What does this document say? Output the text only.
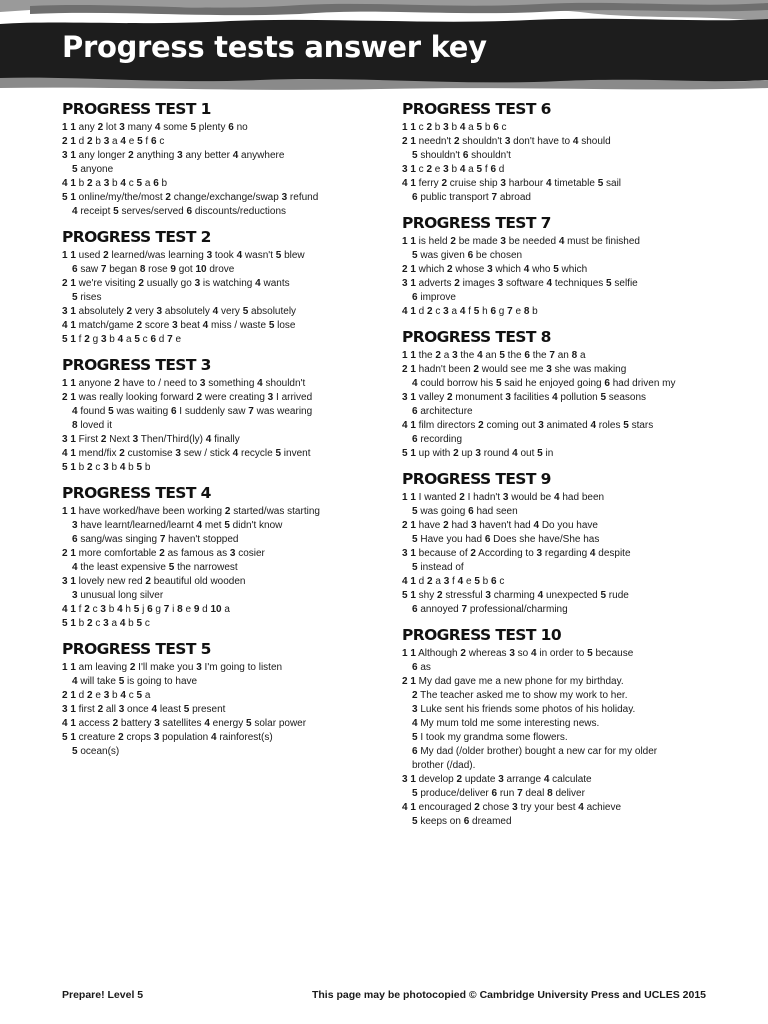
Progress tests answer key
PROGRESS TEST 1
1 1 any 2 lot 3 many 4 some 5 plenty 6 no
2 1 d 2 b 3 a 4 e 5 f 6 c
3 1 any longer 2 anything 3 any better 4 anywhere
5 anyone
4 1 b 2 a 3 b 4 c 5 a 6 b
5 1 online/my/the/most 2 change/exchange/swap 3 refund
4 receipt 5 serves/served 6 discounts/reductions
PROGRESS TEST 2
1 1 used 2 learned/was learning 3 took 4 wasn't 5 blew
6 saw 7 began 8 rose 9 got 10 drove
2 1 we're visiting 2 usually go 3 is watching 4 wants
5 rises
3 1 absolutely 2 very 3 absolutely 4 very 5 absolutely
4 1 match/game 2 score 3 beat 4 miss / waste 5 lose
5 1 f 2 g 3 b 4 a 5 c 6 d 7 e
PROGRESS TEST 3
1 1 anyone 2 have to / need to 3 something 4 shouldn't
2 1 was really looking forward 2 were creating 3 I arrived
4 found 5 was waiting 6 I suddenly saw 7 was wearing
8 loved it
3 1 First 2 Next 3 Then/Third(ly) 4 finally
4 1 mend/fix 2 customise 3 sew / stick 4 recycle 5 invent
5 1 b 2 c 3 b 4 b 5 b
PROGRESS TEST 4
1 1 have worked/have been working 2 started/was starting
3 have learnt/learned/learnt 4 met 5 didn't know
6 sang/was singing 7 haven't stopped
2 1 more comfortable 2 as famous as 3 cosier
4 the least expensive 5 the narrowest
3 1 lovely new red 2 beautiful old wooden
3 unusual long silver
4 1 f 2 c 3 b 4 h 5 j 6 g 7 i 8 e 9 d 10 a
5 1 b 2 c 3 a 4 b 5 c
PROGRESS TEST 5
1 1 am leaving 2 I'll make you 3 I'm going to listen
4 will take 5 is going to have
2 1 d 2 e 3 b 4 c 5 a
3 1 first 2 all 3 once 4 least 5 present
4 1 access 2 battery 3 satellites 4 energy 5 solar power
5 1 creature 2 crops 3 population 4 rainforest(s)
5 ocean(s)
PROGRESS TEST 6
1 1 c 2 b 3 b 4 a 5 b 6 c
2 1 needn't 2 shouldn't 3 don't have to 4 should
5 shouldn't 6 shouldn't
3 1 c 2 e 3 b 4 a 5 f 6 d
4 1 ferry 2 cruise ship 3 harbour 4 timetable 5 sail
6 public transport 7 abroad
PROGRESS TEST 7
1 1 is held 2 be made 3 be needed 4 must be finished
5 was given 6 be chosen
2 1 which 2 whose 3 which 4 who 5 which
3 1 adverts 2 images 3 software 4 techniques 5 selfie
6 improve
4 1 d 2 c 3 a 4 f 5 h 6 g 7 e 8 b
PROGRESS TEST 8
1 1 the 2 a 3 the 4 an 5 the 6 the 7 an 8 a
2 1 hadn't been 2 would see me 3 she was making
4 could borrow his 5 said he enjoyed going 6 had driven my
3 1 valley 2 monument 3 facilities 4 pollution 5 seasons
6 architecture
4 1 film directors 2 coming out 3 animated 4 roles 5 stars
6 recording
5 1 up with 2 up 3 round 4 out 5 in
PROGRESS TEST 9
1 1 I wanted 2 I hadn't 3 would be 4 had been
5 was going 6 had seen
2 1 have 2 had 3 haven't had 4 Do you have
5 Have you had 6 Does she have/She has
3 1 because of 2 According to 3 regarding 4 despite
5 instead of
4 1 d 2 a 3 f 4 e 5 b 6 c
5 1 shy 2 stressful 3 charming 4 unexpected 5 rude
6 annoyed 7 professional/charming
PROGRESS TEST 10
1 1 Although 2 whereas 3 so 4 in order to 5 because
6 as
2 1 My dad gave me a new phone for my birthday.
2 The teacher asked me to show my work to her.
3 Luke sent his friends some photos of his holiday.
4 My mum told me some interesting news.
5 I took my grandma some flowers.
6 My dad (/older brother) bought a new car for my older
brother (/dad).
3 1 develop 2 update 3 arrange 4 calculate
5 produce/deliver 6 run 7 deal 8 deliver
4 1 encouraged 2 chose 3 try your best 4 achieve
5 keeps on 6 dreamed
Prepare! Level 5	This page may be photocopied © Cambridge University Press and UCLES 2015
